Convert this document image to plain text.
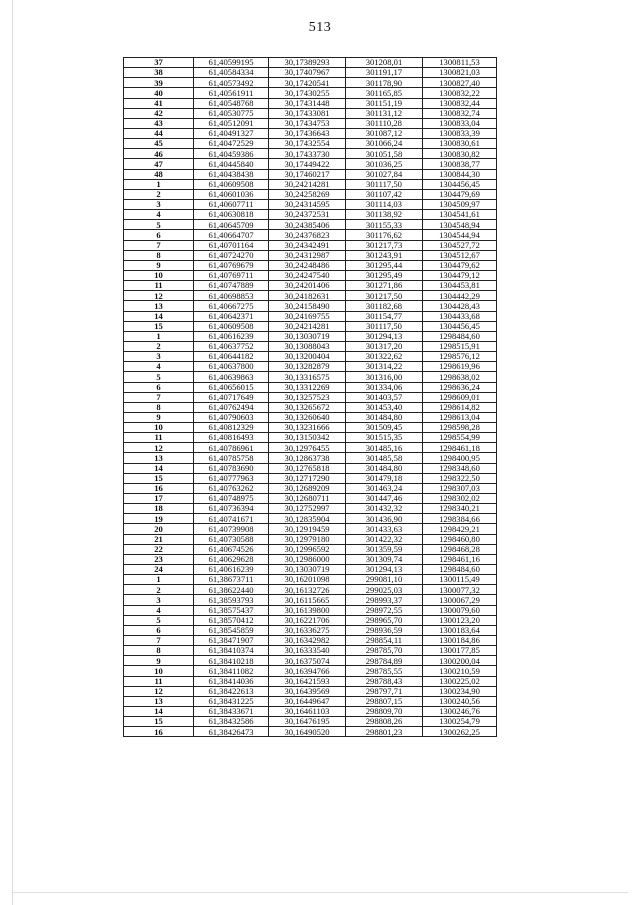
513
37	61,40599195	30,17389293	301208,01	1300811,53
38	61,40584334	30,17407967	301191,17	1300821,03
39	61,40573492	30,17420541	301178,90	1300827,40
40	61,40561911	30,17430255	301165,85	1300832,22
41	61,40548768	30,17431448	301151,19	1300832,44
42	61,40530775	30,17433081	301131,12	1300832,74
43	61,40512091	30,17434753	301110,28	1300833,04
44	61,40491327	30,17436643	301087,12	1300833,39
45	61,40472529	30,17432554	301066,24	1300830,61
46	61,40459386	30,17433730	301051,58	1300830,82
47	61,40445840	30,17449422	301036,25	1300838,77
48	61,40438438	30,17460217	301027,84	1300844,30
1	61,40609508	30,24214281	301117,50	1304456,45
2	61,40601036	30,24258269	301107,42	1304479,69
3	61,40607711	30,24314595	301114,03	1304509,97
4	61,40630818	30,24372531	301138,92	1304541,61
5	61,40645709	30,24385406	301155,33	1304548,94
6	61,40664707	30,24376823	301176,62	1304544,94
7	61,40701164	30,24342491	301217,73	1304527,72
8	61,40724270	30,24312987	301243,91	1304512,67
9	61,40769679	30,24248486	301295,44	1304479,62
10	61,40769711	30,24247540	301295,49	1304479,12
11	61,40747889	30,24201406	301271,86	1304453,81
12	61,40698853	30,24182631	301217,50	1304442,29
13	61,40667275	30,24158490	301182,68	1304428,43
14	61,40642371	30,24169755	301154,77	1304433,68
15	61,40609508	30,24214281	301117,50	1304456,45
1	61,40616239	30,13030719	301294,13	1298484,60
2	61,40637752	30,13088043	301317,20	1298515,91
3	61,40644182	30,13200404	301322,62	1298576,12
4	61,40637800	30,13282879	301314,22	1298619,96
5	61,40639863	30,13316575	301316,00	1298638,02
6	61,40656015	30,13312269	301334,06	1298636,24
7	61,40717649	30,13257523	301403,57	1298609,01
8	61,40762494	30,13265672	301453,40	1298614,82
9	61,40790603	30,13260640	301484,80	1298613,04
10	61,40812329	30,13231666	301509,45	1298598,28
11	61,40816493	30,13150342	301515,35	1298554,99
12	61,40786961	30,12976455	301485,16	1298461,18
13	61,40785758	30,12863738	301485,58	1298400,95
14	61,40783690	30,12765818	301484,80	1298348,60
15	61,40777963	30,12717290	301479,18	1298322,50
16	61,40763262	30,12689209	301463,24	1298307,03
17	61,40748975	30,12680711	301447,46	1298302,02
18	61,40736394	30,12752997	301432,32	1298340,21
19	61,40741671	30,12835904	301436,90	1298384,66
20	61,40739908	30,12919459	301433,63	1298429,21
21	61,40730588	30,12979180	301422,32	1298460,80
22	61,40674526	30,12996592	301359,59	1298468,28
23	61,40629628	30,12986000	301309,74	1298461,16
24	61,40616239	30,13030719	301294,13	1298484,60
1	61,38673711	30,16201098	299081,10	1300115,49
2	61,38622440	30,16132726	299025,03	1300077,32
3	61,38593793	30,16115665	298993,37	1300067,29
4	61,38575437	30,16139800	298972,55	1300079,60
5	61,38570412	30,16221706	298965,70	1300123,20
6	61,38545859	30,16336275	298936,59	1300183,64
7	61,38471907	30,16342982	298854,11	1300184,86
8	61,38410374	30,16333540	298785,70	1300177,85
9	61,38410218	30,16375074	298784,89	1300200,04
10	61,38411082	30,16394766	298785,55	1300210,59
11	61,38414036	30,16421593	298788,43	1300225,02
12	61,38422613	30,16439569	298797,71	1300234,90
13	61,38431225	30,16449647	298807,15	1300240,56
14	61,38433671	30,16461103	298809,70	1300246,76
15	61,38432586	30,16476195	298808,26	1300254,79
16	61,38426473	30,16490520	298801,23	1300262,25
